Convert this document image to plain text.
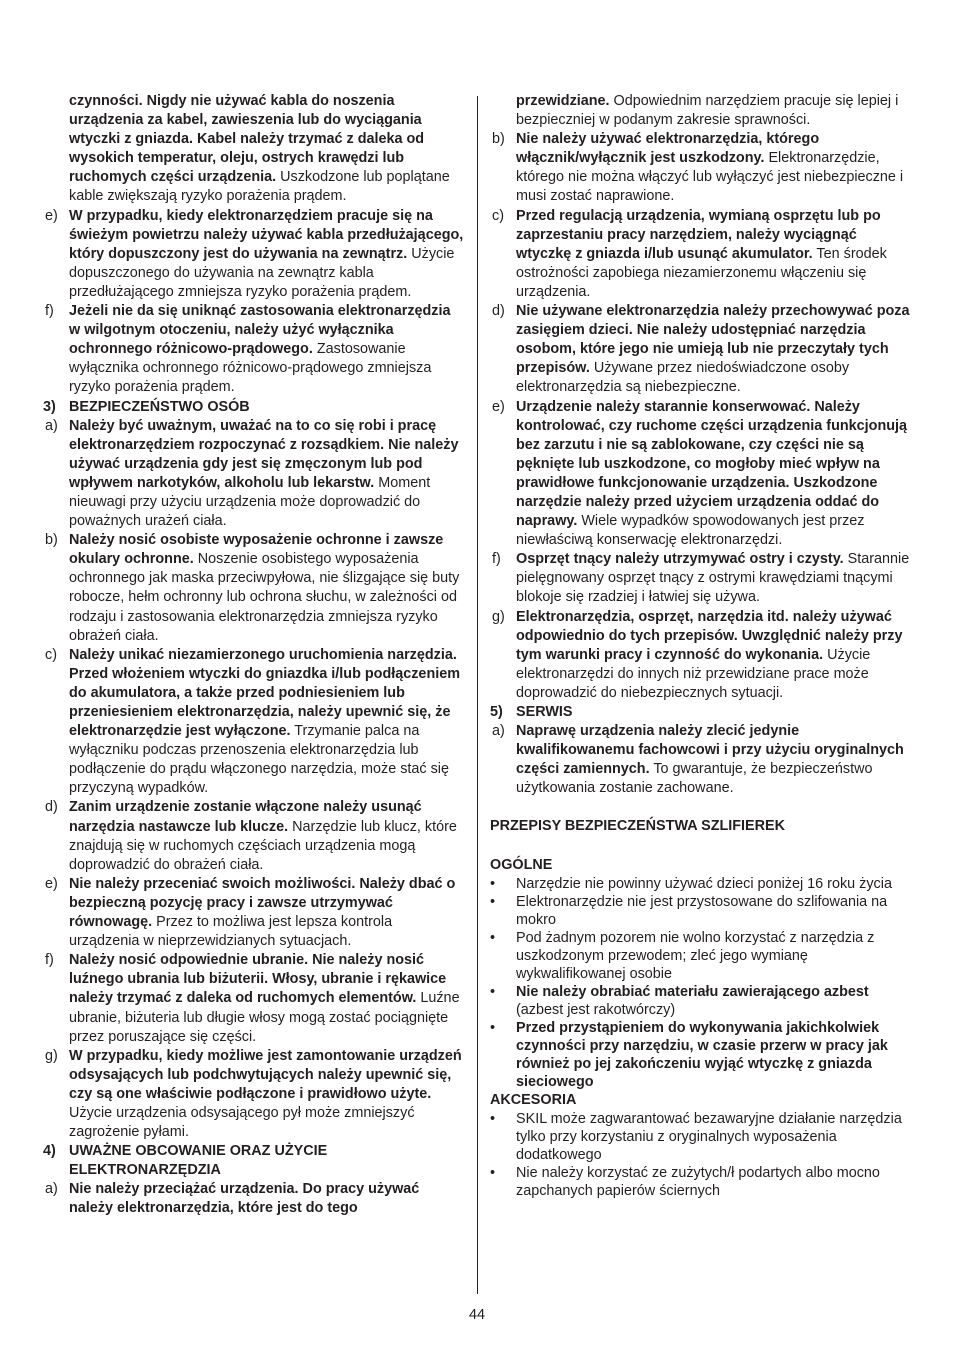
czynności. Nigdy nie używać kabla do noszenia urządzenia za kabel, zawieszenia lub do wyciągania wtyczki z gniazda. Kabel należy trzymać z daleka od wysokich temperatur, oleju, ostrych krawędzi lub ruchomych części urządzenia. Uszkodzone lub poplątane kable zwiększają ryzyko porażenia prądem.
e) W przypadku, kiedy elektronarzędziem pracuje się na świeżym powietrzu należy używać kabla przedłużającego, który dopuszczony jest do używania na zewnątrz. Użycie dopuszczonego do używania na zewnątrz kabla przedłużającego zmniejsza ryzyko porażenia prądem.
f) Jeżeli nie da się uniknąć zastosowania elektronarzędzia w wilgotnym otoczeniu, należy użyć wyłącznika ochronnego różnicowo-prądowego. Zastosowanie wyłącznika ochronnego różnicowo-prądowego zmniejsza ryzyko porażenia prądem.
3) BEZPIECZEŃSTWO OSÓB
a) Należy być uważnym, uważać na to co się robi i pracę elektronarzędziem rozpoczynać z rozsądkiem. Nie należy używać urządzenia gdy jest się zmęczonym lub pod wpływem narkotyków, alkoholu lub lekarstw. Moment nieuwagi przy użyciu urządzenia może doprowadzić do poważnych urażeń ciała.
b) Należy nosić osobiste wyposażenie ochronne i zawsze okulary ochronne. Noszenie osobistego wyposażenia ochronnego jak maska przeciwpyłowa, nie ślizgające się buty robocze, hełm ochronny lub ochrona słuchu, w zależności od rodzaju i zastosowania elektronarzędzia zmniejsza ryzyko obrażeń ciała.
c) Należy unikać niezamierzonego uruchomienia narzędzia. Przed włożeniem wtyczki do gniazdka i/lub podłączeniem do akumulatora, a także przed podniesieniem lub przeniesieniem elektronarzędzia, należy upewnić się, że elektronarzędzie jest wyłączone. Trzymanie palca na wyłączniku podczas przenoszenia elektronarzędzia lub podłączenie do prądu włączonego narzędzia, może stać się przyczyną wypadków.
d) Zanim urządzenie zostanie włączone należy usunąć narzędzia nastawcze lub klucze. Narzędzie lub klucz, które znajdują się w ruchomych częściach urządzenia mogą doprowadzić do obrażeń ciała.
e) Nie należy przeceniać swoich możliwości. Należy dbać o bezpieczną pozycję pracy i zawsze utrzymywać równowagę. Przez to możliwa jest lepsza kontrola urządzenia w nieprzewidzianych sytuacjach.
f) Należy nosić odpowiednie ubranie. Nie należy nosić luźnego ubrania lub biżuterii. Włosy, ubranie i rękawice należy trzymać z daleka od ruchomych elementów. Luźne ubranie, biżuteria lub długie włosy mogą zostać pociągnięte przez poruszające się części.
g) W przypadku, kiedy możliwe jest zamontowanie urządzeń odsysających lub podchwytujących należy upewnić się, czy są one właściwie podłączone i prawidłowo użyte. Użycie urządzenia odsysającego pył może zmniejszyć zagrożenie pyłami.
4) UWAŻNE OBCOWANIE ORAZ UŻYCIE ELEKTRONARZĘDZIA
a) Nie należy przeciążać urządzenia. Do pracy używać należy elektronarzędzia, które jest do tego
przewidziane. Odpowiednim narzędziem pracuje się lepiej i bezpieczniej w podanym zakresie sprawności.
b) Nie należy używać elektronarzędzia, którego włącznik/wyłącznik jest uszkodzony. Elektronarzędzie, którego nie można włączyć lub wyłączyć jest niebezpieczne i musi zostać naprawione.
c) Przed regulacją urządzenia, wymianą osprzętu lub po zaprzestaniu pracy narzędziem, należy wyciągnąć wtyczkę z gniazda i/lub usunąć akumulator. Ten środek ostrożności zapobiega niezamierzonemu włączeniu się urządzenia.
d) Nie używane elektronarzędzia należy przechowywać poza zasięgiem dzieci. Nie należy udostępniać narzędzia osobom, które jego nie umieją lub nie przeczytały tych przepisów. Używane przez niedoświadczone osoby elektronarzędzia są niebezpieczne.
e) Urządzenie należy starannie konserwować. Należy kontrolować, czy ruchome części urządzenia funkcjonują bez zarzutu i nie są zablokowane, czy części nie są pęknięte lub uszkodzone, co mogłoby mieć wpływ na prawidłowe funkcjonowanie urządzenia. Uszkodzone narzędzie należy przed użyciem urządzenia oddać do naprawy. Wiele wypadków spowodowanych jest przez niewłaściwą konserwację elektronarzędzi.
f) Osprzęt tnący należy utrzymywać ostry i czysty. Starannie pielęgnowany osprzęt tnący z ostrymi krawędziami tnącymi blokoje się rzadziej i łatwiej się używa.
g) Elektronarzędzia, osprzęt, narzędzia itd. należy używać odpowiednio do tych przepisów. Uwzględnić należy przy tym warunki pracy i czynność do wykonania. Użycie elektronarzędzi do innych niż przewidziane prace może doprowadzić do niebezpiecznych sytuacji.
5) SERWIS
a) Naprawę urządzenia należy zlecić jedynie kwalifikowanemu fachowcowi i przy użyciu oryginalnych części zamiennych. To gwarantuje, że bezpieczeństwo użytkowania zostanie zachowane.
PRZEPISY BEZPIECZEŃSTWA SZLIFIEREK
OGÓLNE
• Narzędzie nie powinny używać dzieci poniżej 16 roku życia
• Elektronarzędzie nie jest przystosowane do szlifowania na mokro
• Pod żadnym pozorem nie wolno korzystać z narzędzia z uszkodzonym przewodem; zleć jego wymianę wykwalifikowanej osobie
• Nie należy obrabiać materiału zawierającego azbest (azbest jest rakotwórczy)
• Przed przystąpieniem do wykonywania jakichkolwiek czynności przy narzędziu, w czasie przerw w pracy jak również po jej zakończeniu wyjąć wtyczkę z gniazda sieciowego
AKCESORIA
• SKIL może zagwarantować bezawaryjne działanie narzędzia tylko przy korzystaniu z oryginalnych wyposażenia dodatkowego
• Nie należy korzystać ze zużytych/ł podartych albo mocno zapchanych papierów ściernych
44
